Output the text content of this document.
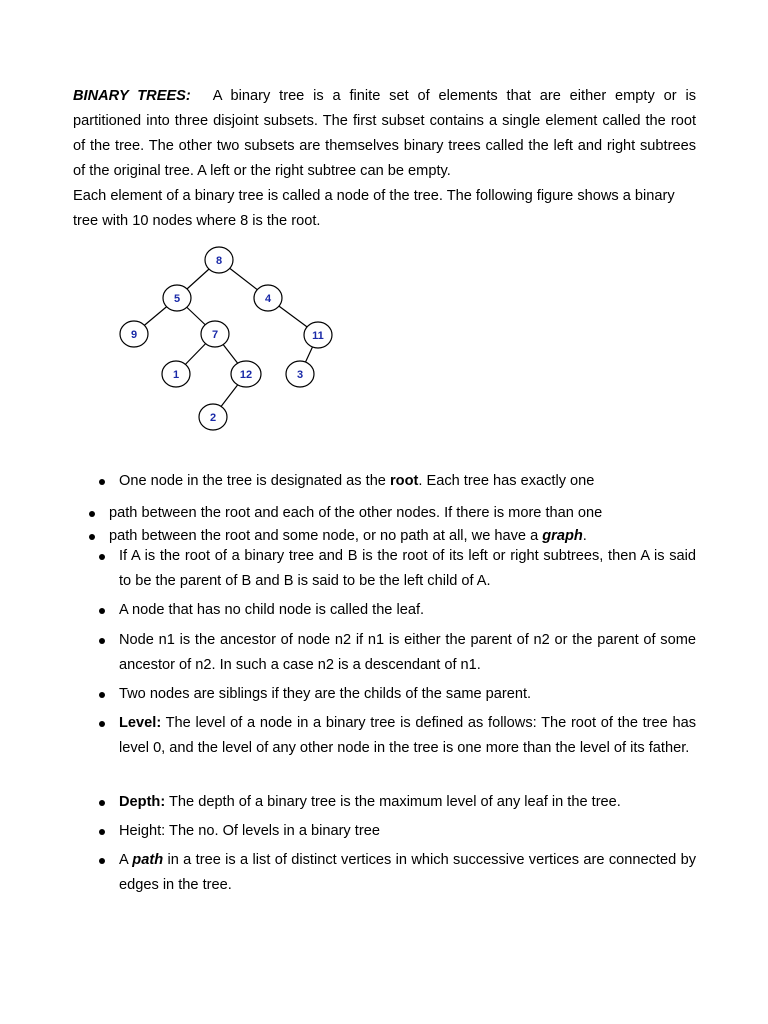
BINARY TREES: A binary tree is a finite set of elements that are either empty or is partitioned into three disjoint subsets. The first subset contains a single element called the root of the tree. The other two subsets are themselves binary trees called the left and right subtrees of the original tree. A left or the right subtree can be empty.

Each element of a binary tree is called a node of the tree. The following figure shows a binary tree with 10 nodes where 8 is the root.

8
5	4
9	7	11
1	12	3
2
One node in the tree is designated as the root. Each tree has exactly one
path between the root and each of the other nodes. If there is more than one
path between the root and some node, or no path at all, we have a graph.
If A is the root of a binary tree and B is the root of its left or right subtrees, then A is said to be the parent of B and B is said to be the left child of A.
A node that has no child node is called the leaf.
Node n1 is the ancestor of node n2 if n1 is either the parent of n2 or the parent of some ancestor of n2. In such a case n2 is a descendant of n1.
Two nodes are siblings if they are the childs of the same parent.
Level: The level of a node in a binary tree is defined as follows: The root of the tree has level 0, and the level of any other node in the tree is one more than the level of its father.
Depth: The depth of a binary tree is the maximum level of any leaf in the tree.
Height: The no. Of levels in a binary tree
A path in a tree is a list of distinct vertices in which successive vertices are connected by edges in the tree.
